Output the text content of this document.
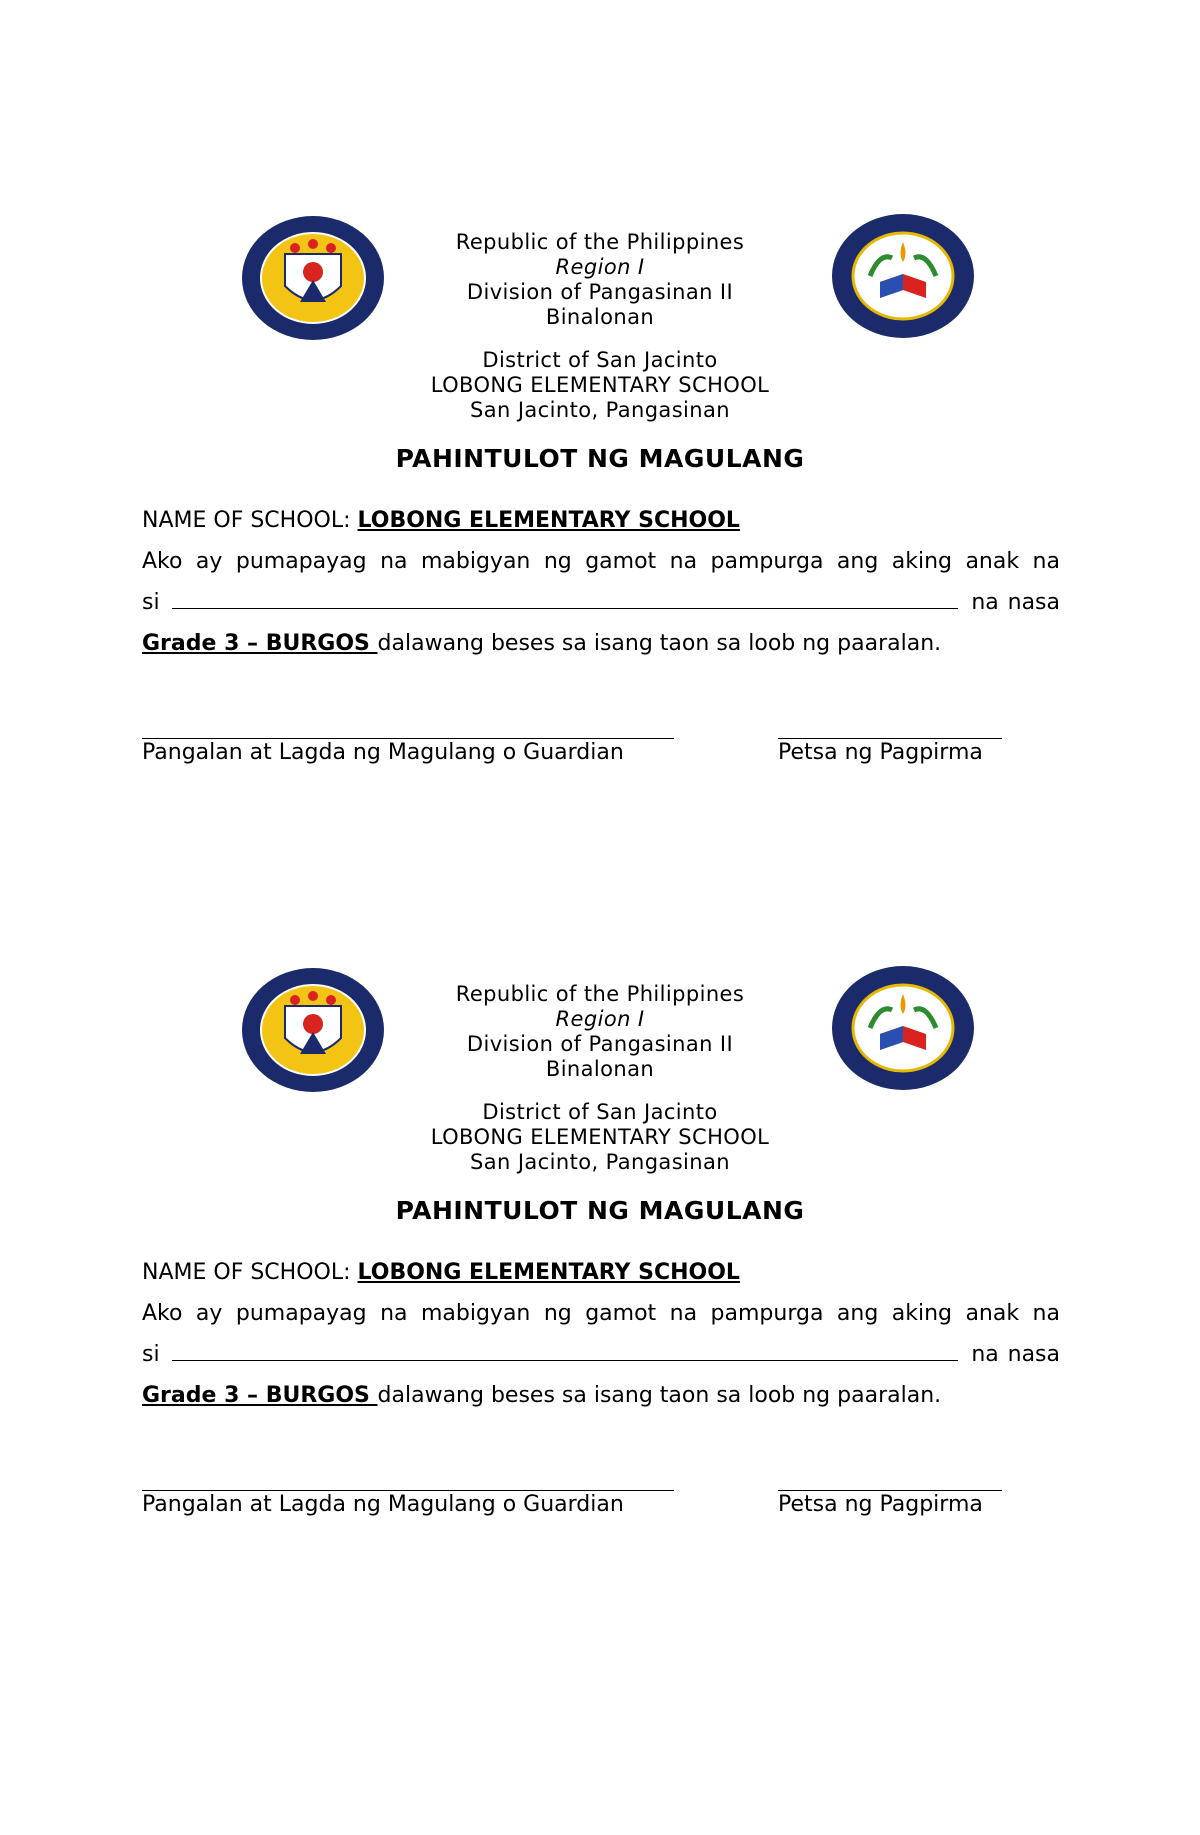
Republic of the Philippines
Region I
Division of Pangasinan II
Binalonan
District of San Jacinto
LOBONG ELEMENTARY SCHOOL
San Jacinto, Pangasinan
PAHINTULOT NG MAGULANG
NAME OF SCHOOL: LOBONG ELEMENTARY SCHOOL
Ako ay pumapayag na mabigyan ng gamot na pampurga ang aking anak na
si	na nasa
Grade 3 – BURGOS dalawang beses sa isang taon sa loob ng paaralan.
Pangalan at Lagda ng Magulang o Guardian	Petsa ng Pagpirma
Republic of the Philippines
Region I
Division of Pangasinan II
Binalonan
District of San Jacinto
LOBONG ELEMENTARY SCHOOL
San Jacinto, Pangasinan
PAHINTULOT NG MAGULANG
NAME OF SCHOOL: LOBONG ELEMENTARY SCHOOL
Ako ay pumapayag na mabigyan ng gamot na pampurga ang aking anak na
si	na nasa
Grade 3 – BURGOS dalawang beses sa isang taon sa loob ng paaralan.
Pangalan at Lagda ng Magulang o Guardian	Petsa ng Pagpirma
